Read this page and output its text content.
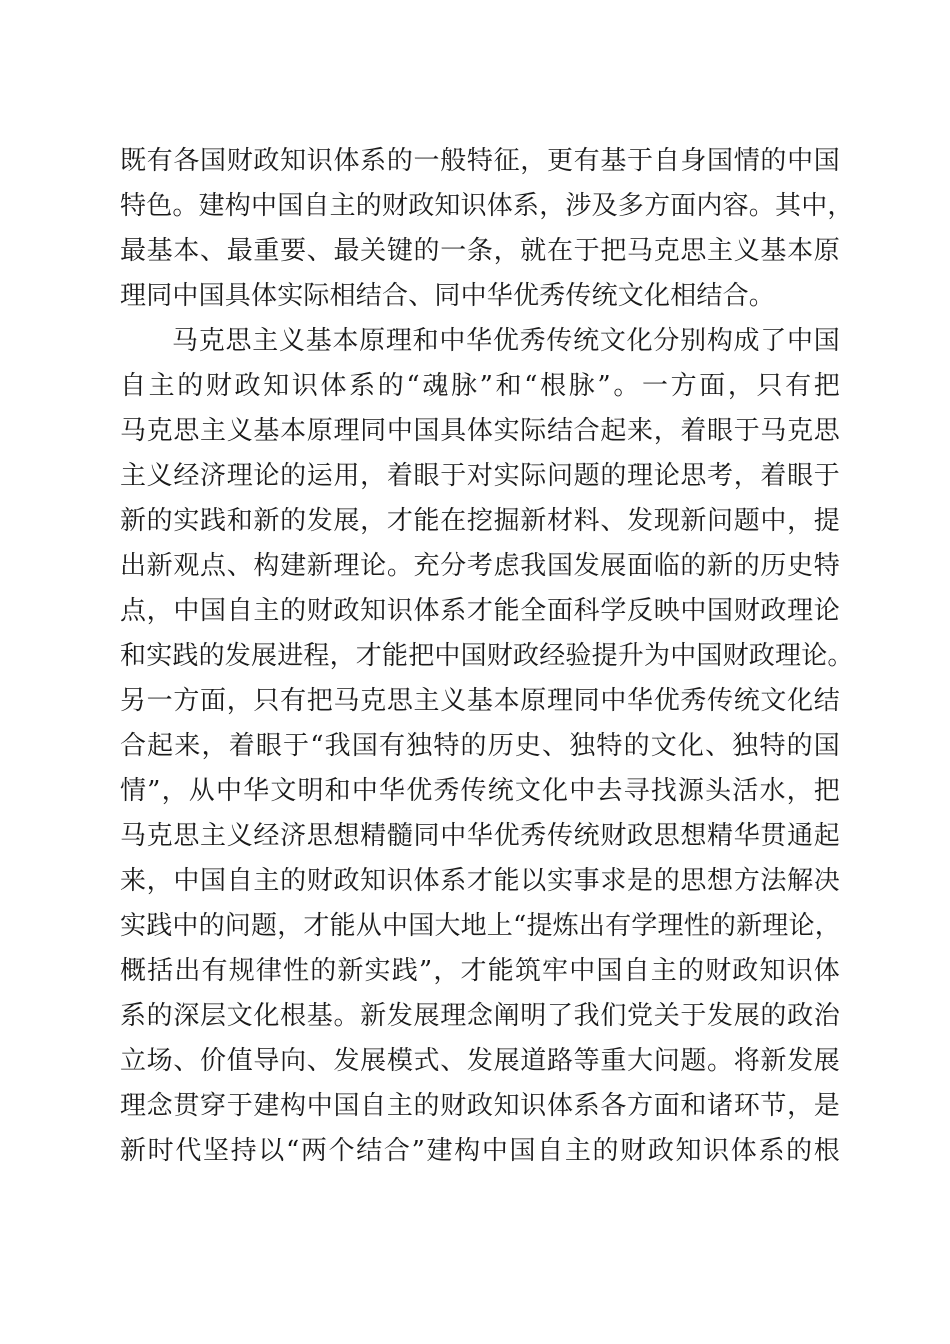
既有各国财政知识体系的一般特征，更有基于自身国情的中国
特色。建构中国自主的财政知识体系，涉及多方面内容。其中，
最基本、最重要、最关键的一条，就在于把马克思主义基本原
理同中国具体实际相结合、同中华优秀传统文化相结合。
马克思主义基本原理和中华优秀传统文化分别构成了中国
自主的财政知识体系的“魂脉”和“根脉”。一方面，只有把
马克思主义基本原理同中国具体实际结合起来，着眼于马克思
主义经济理论的运用，着眼于对实际问题的理论思考，着眼于
新的实践和新的发展，才能在挖掘新材料、发现新问题中，提
出新观点、构建新理论。充分考虑我国发展面临的新的历史特
点，中国自主的财政知识体系才能全面科学反映中国财政理论
和实践的发展进程，才能把中国财政经验提升为中国财政理论。
另一方面，只有把马克思主义基本原理同中华优秀传统文化结
合起来，着眼于“我国有独特的历史、独特的文化、独特的国
情”，从中华文明和中华优秀传统文化中去寻找源头活水，把
马克思主义经济思想精髓同中华优秀传统财政思想精华贯通起
来，中国自主的财政知识体系才能以实事求是的思想方法解决
实践中的问题，才能从中国大地上“提炼出有学理性的新理论，
概括出有规律性的新实践”，才能筑牢中国自主的财政知识体
系的深层文化根基。新发展理念阐明了我们党关于发展的政治
立场、价值导向、发展模式、发展道路等重大问题。将新发展
理念贯穿于建构中国自主的财政知识体系各方面和诸环节，是
新时代坚持以“两个结合”建构中国自主的财政知识体系的根
